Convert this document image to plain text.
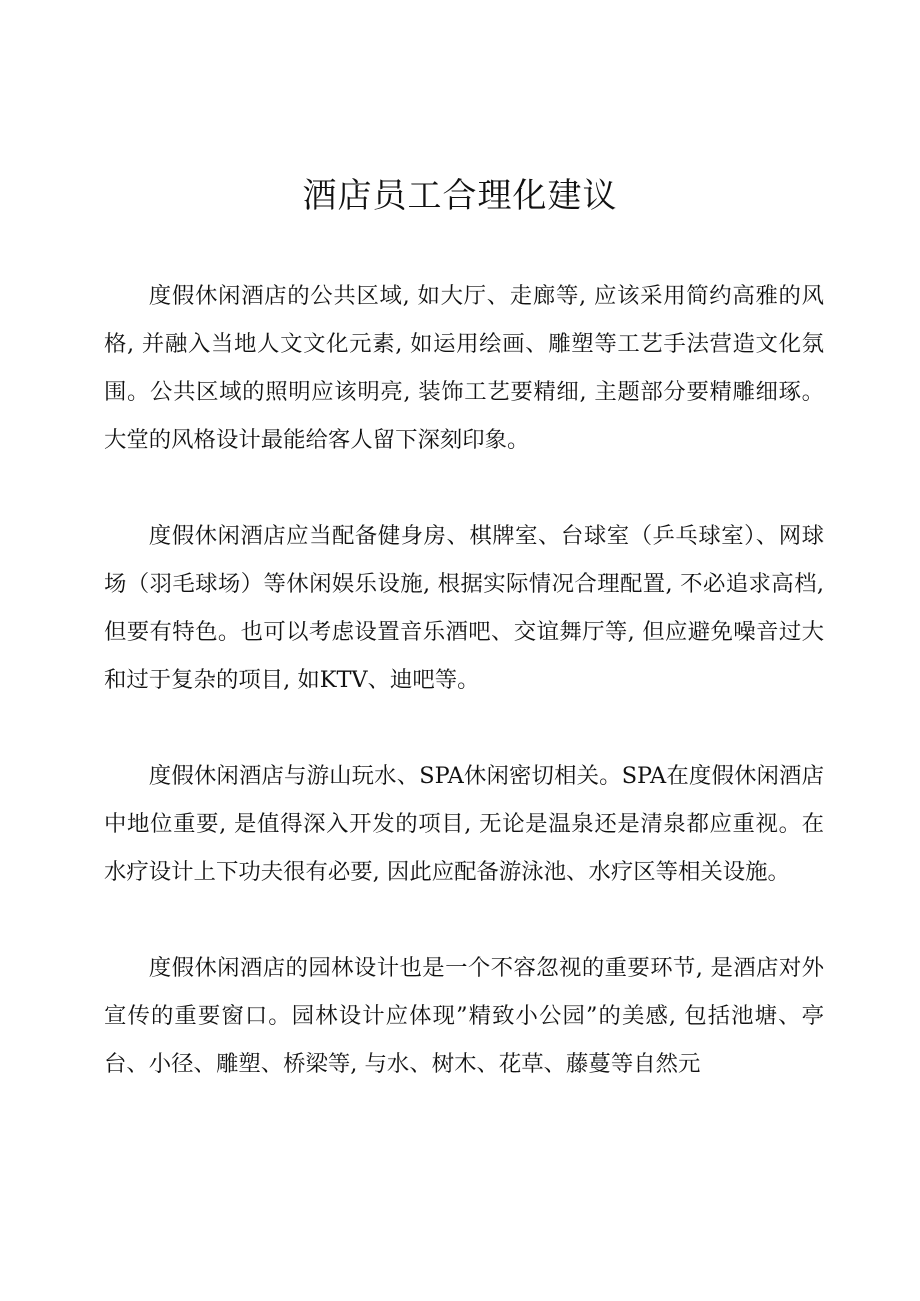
酒店员工合理化建议

度假休闲酒店的公共区域, 如大厅、走廊等, 应该采用简约高雅的风格, 并融入当地人文文化元素, 如运用绘画、雕塑等工艺手法营造文化氛围。公共区域的照明应该明亮, 装饰工艺要精细, 主题部分要精雕细琢。大堂的风格设计最能给客人留下深刻印象。

度假休闲酒店应当配备健身房、棋牌室、台球室（乒乓球室）、网球场（羽毛球场）等休闲娱乐设施, 根据实际情况合理配置, 不必追求高档, 但要有特色。也可以考虑设置音乐酒吧、交谊舞厅等, 但应避免噪音过大和过于复杂的项目, 如KTV、迪吧等。

度假休闲酒店与游山玩水、SPA休闲密切相关。SPA在度假休闲酒店中地位重要, 是值得深入开发的项目, 无论是温泉还是清泉都应重视。在水疗设计上下功夫很有必要, 因此应配备游泳池、水疗区等相关设施。

度假休闲酒店的园林设计也是一个不容忽视的重要环节, 是酒店对外宣传的重要窗口。园林设计应体现”精致小公园”的美感, 包括池塘、亭台、小径、雕塑、桥梁等, 与水、树木、花草、藤蔓等自然元
